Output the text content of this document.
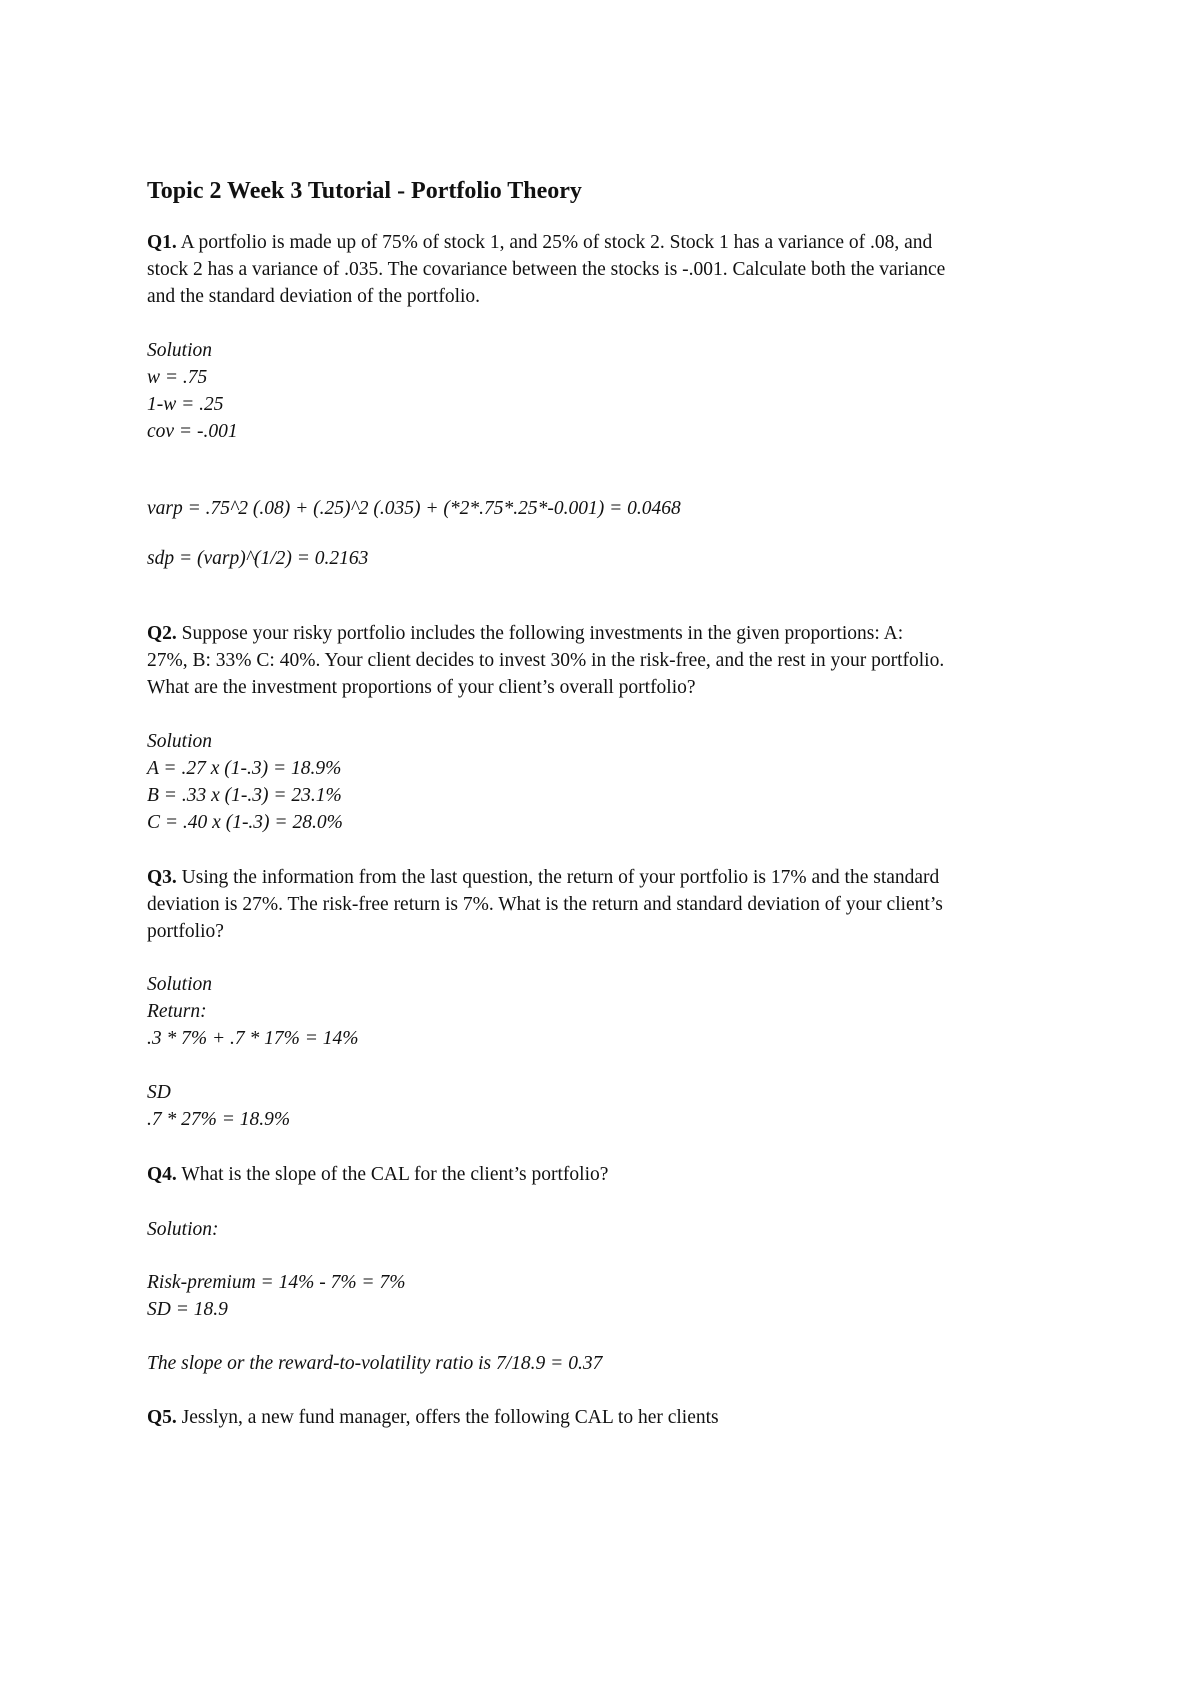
Topic 2 Week 3 Tutorial - Portfolio Theory
Q1. A portfolio is made up of 75% of stock 1, and 25% of stock 2. Stock 1 has a variance of .08, and
stock 2 has a variance of .035. The covariance between the stocks is -.001. Calculate both the variance
and the standard deviation of the portfolio.
Solution
w = .75
1-w = .25
cov = -.001
varp = .75^2 (.08) + (.25)^2 (.035) + (*2*.75*.25*-0.001) = 0.0468
sdp = (varp)^(1/2) = 0.2163
Q2. Suppose your risky portfolio includes the following investments in the given proportions: A:
27%, B: 33% C: 40%. Your client decides to invest 30% in the risk-free, and the rest in your portfolio.
What are the investment proportions of your client’s overall portfolio?
Solution
A = .27 x (1-.3) = 18.9%
B = .33 x (1-.3) = 23.1%
C = .40 x (1-.3) = 28.0%
Q3. Using the information from the last question, the return of your portfolio is 17% and the standard
deviation is 27%. The risk-free return is 7%. What is the return and standard deviation of your client’s
portfolio?
Solution
Return:
.3 * 7% + .7 * 17% = 14%
SD
.7 * 27% = 18.9%
Q4. What is the slope of the CAL for the client’s portfolio?
Solution:
Risk-premium = 14% - 7% = 7%
SD = 18.9
The slope or the reward-to-volatility ratio is 7/18.9 = 0.37
Q5. Jesslyn, a new fund manager, offers the following CAL to her clients
